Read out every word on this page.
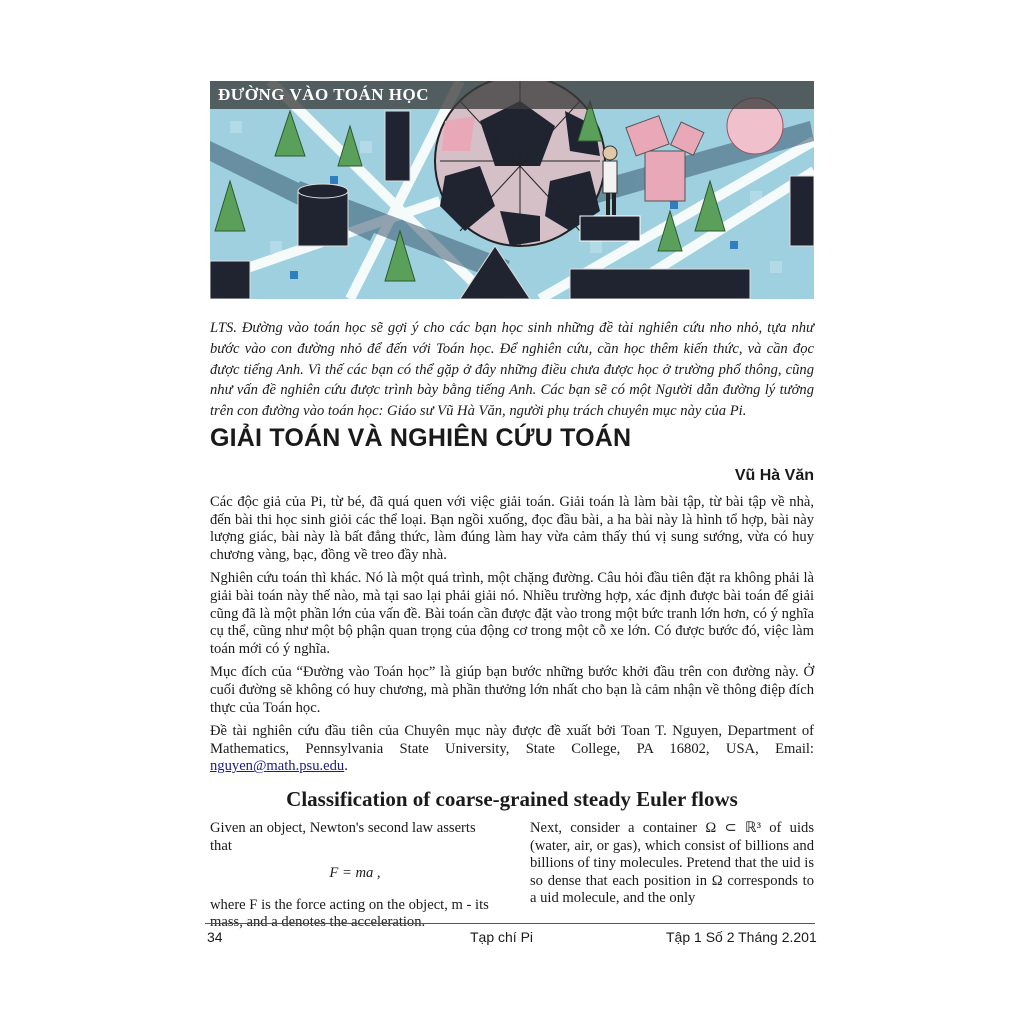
ĐƯỜNG VÀO TOÁN HỌC
LTS. Đường vào toán học sẽ gợi ý cho các bạn học sinh những đề tài nghiên cứu nho nhỏ, tựa như bước vào con đường nhỏ để đến với Toán học. Để nghiên cứu, cần học thêm kiến thức, và cần đọc được tiếng Anh. Vì thế các bạn có thể gặp ở đây những điều chưa được học ở trường phổ thông, cũng như vấn đề nghiên cứu được trình bày bằng tiếng Anh. Các bạn sẽ có một Người dẫn đường lý tưởng trên con đường vào toán học: Giáo sư Vũ Hà Văn, người phụ trách chuyên mục này của Pi.
GIẢI TOÁN VÀ NGHIÊN CỨU TOÁN
Vũ Hà Văn

Các độc giả của Pi, từ bé, đã quá quen với việc giải toán. Giải toán là làm bài tập, từ bài tập về nhà, đến bài thi học sinh giỏi các thể loại. Bạn ngồi xuống, đọc đầu bài, a ha bài này là hình tổ hợp, bài này lượng giác, bài này là bất đẳng thức, làm đúng làm hay vừa cảm thấy thú vị sung sướng, vừa có huy chương vàng, bạc, đồng về treo đầy nhà.

Nghiên cứu toán thì khác. Nó là một quá trình, một chặng đường. Câu hỏi đầu tiên đặt ra không phải là giải bài toán này thế nào, mà tại sao lại phải giải nó. Nhiều trường hợp, xác định được bài toán để giải cũng đã là một phần lớn của vấn đề. Bài toán cần được đặt vào trong một bức tranh lớn hơn, có ý nghĩa cụ thể, cũng như một bộ phận quan trọng của động cơ trong một cỗ xe lớn. Có được bước đó, việc làm toán mới có ý nghĩa.

Mục đích của “Đường vào Toán học” là giúp bạn bước những bước khởi đầu trên con đường này. Ở cuối đường sẽ không có huy chương, mà phần thưởng lớn nhất cho bạn là cảm nhận về thông điệp đích thực của Toán học.

Đề tài nghiên cứu đầu tiên của Chuyên mục này được đề xuất bởi Toan T. Nguyen, Department of Mathematics, Pennsylvania State University, State College, PA 16802, USA, Email: nguyen@math.psu.edu.

Classification of coarse-grained steady Euler flows
Given an object, Newton's second law asserts that
F = ma ,
where F is the force acting on the object, m - its mass, and a denotes the acceleration.
Next, consider a container Ω ⊂ ℝ³ of uids (water, air, or gas), which consist of billions and billions of tiny molecules. Pretend that the uid is so dense that each position in Ω corresponds to a uid molecule, and the only
34	Tạp chí Pi	Tập 1 Số 2 Tháng 2.201
